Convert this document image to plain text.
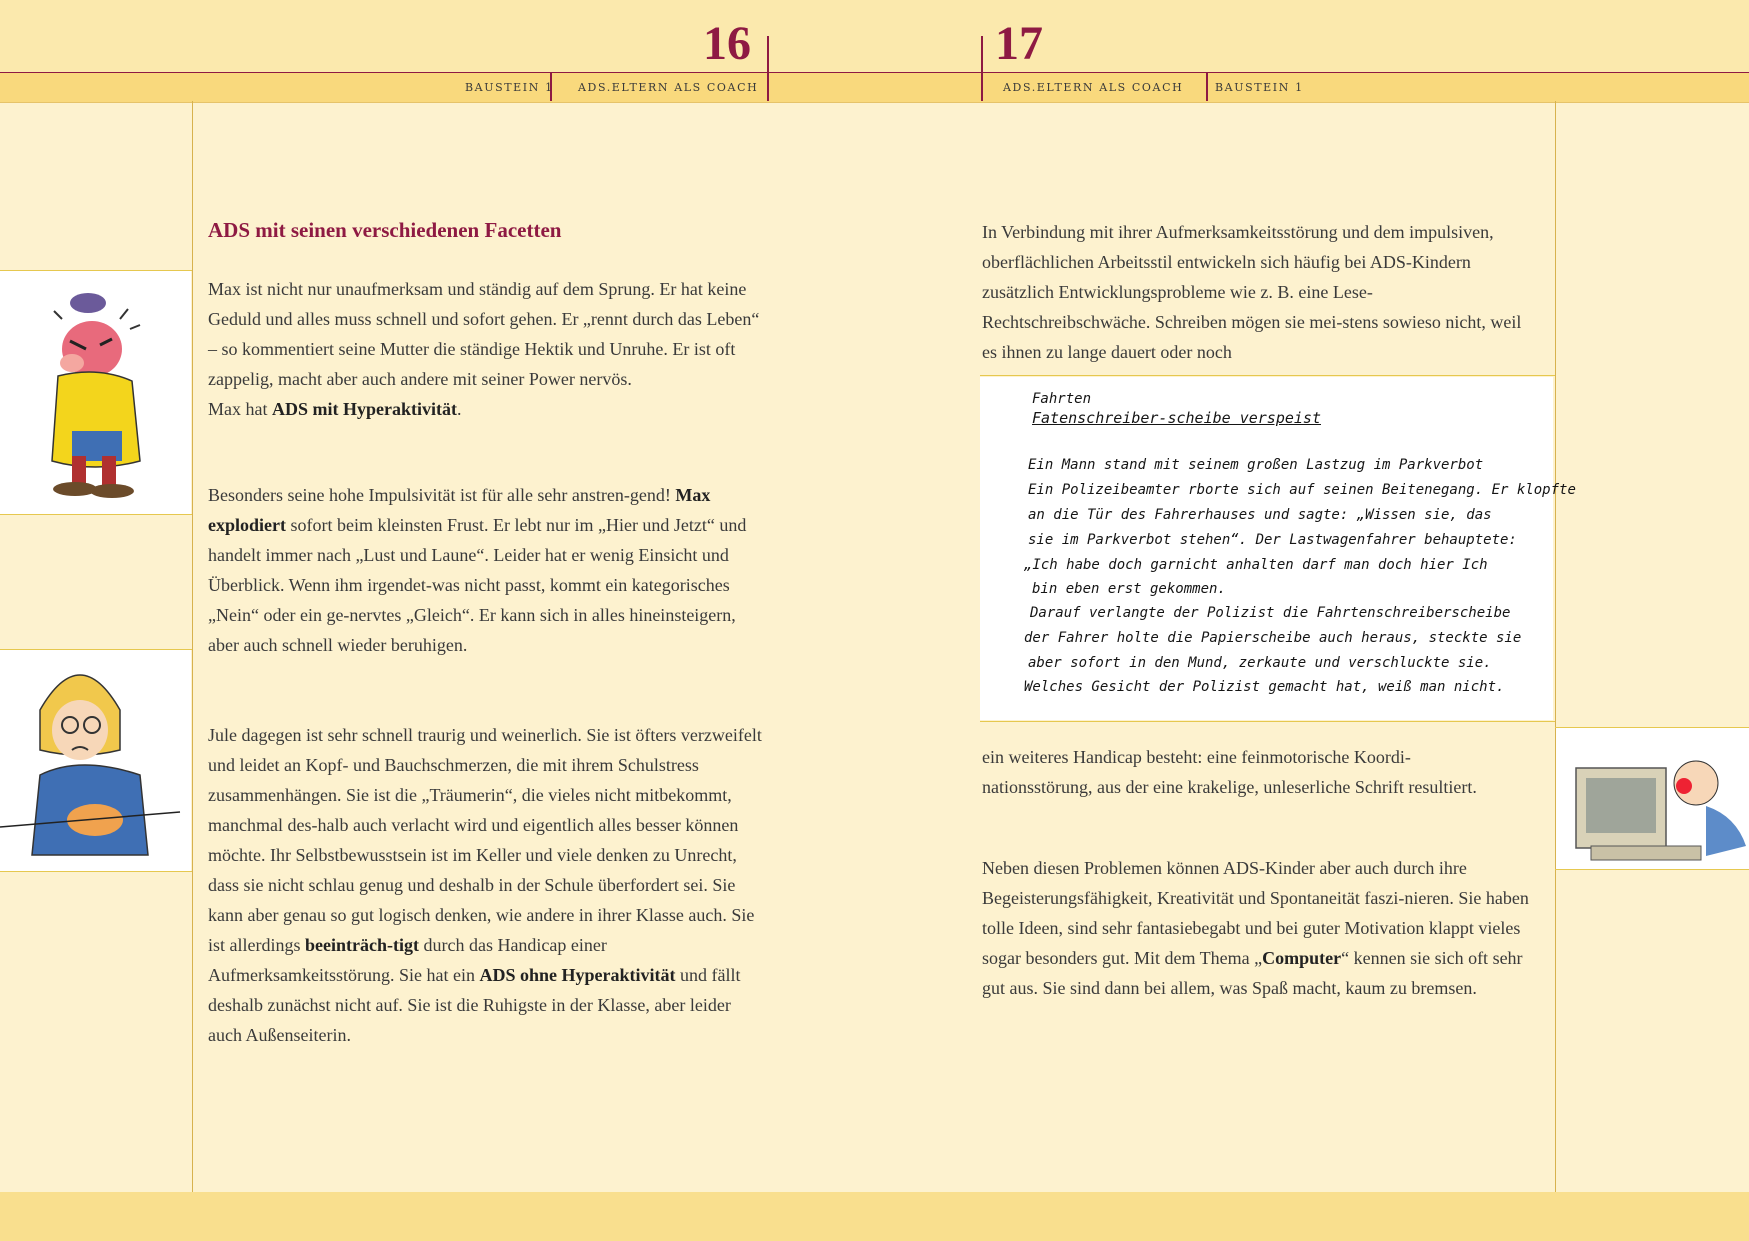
16	17
BAUSTEIN 1 ADS.ELTERN ALS COACH	ADS.ELTERN ALS COACH	BAUSTEIN 1
ADS mit seinen verschiedenen Facetten

Max ist nicht nur unaufmerksam und ständig auf dem Sprung. Er hat keine Geduld und alles muss schnell und sofort gehen. Er „rennt durch das Leben“ – so kommentiert seine Mutter die ständige Hektik und Unruhe. Er ist oft zappelig, macht aber auch andere mit seiner Power nervös.

Max hat ADS mit Hyperaktivität.

Besonders seine hohe Impulsivität ist für alle sehr anstren-gend! Max explodiert sofort beim kleinsten Frust. Er lebt nur im „Hier und Jetzt“ und handelt immer nach „Lust und Laune“. Leider hat er wenig Einsicht und Überblick. Wenn ihm irgendet-was nicht passt, kommt ein kategorisches „Nein“ oder ein ge-nervtes „Gleich“. Er kann sich in alles hineinsteigern, aber auch schnell wieder beruhigen.

Jule dagegen ist sehr schnell traurig und weinerlich. Sie ist öfters verzweifelt und leidet an Kopf- und Bauchschmerzen, die mit ihrem Schulstress zusammenhängen. Sie ist die „Träumerin“, die vieles nicht mitbekommt, manchmal des-halb auch verlacht wird und eigentlich alles besser können möchte. Ihr Selbstbewusstsein ist im Keller und viele denken zu Unrecht, dass sie nicht schlau genug und deshalb in der Schule überfordert sei. Sie kann aber genau so gut logisch denken, wie andere in ihrer Klasse auch. Sie ist allerdings beeinträch-tigt durch das Handicap einer Aufmerksamkeitsstörung. Sie hat ein ADS ohne Hyperaktivität und fällt deshalb zunächst nicht auf. Sie ist die Ruhigste in der Klasse, aber leider auch Außenseiterin.

In Verbindung mit ihrer Aufmerksamkeitsstörung und dem impulsiven, oberflächlichen Arbeitsstil entwickeln sich häufig bei ADS-Kindern zusätzlich Entwicklungsprobleme wie z. B. eine Lese-Rechtschreibschwäche. Schreiben mögen sie mei-stens sowieso nicht, weil es ihnen zu lange dauert oder noch
Fahrten
Fatenschreiber-scheibe verspeist
Ein Mann stand mit seinem großen Lastzug im Parkverbot
Ein Polizeibeamter rborte sich auf seinen Beitenegang. Er klopfte
an die Tür des Fahrerhauses und sagte: „Wissen sie, das
sie im Parkverbot stehen“. Der Lastwagenfahrer behauptete:
„Ich habe doch garnicht anhalten darf man doch hier Ich
bin eben erst gekommen.
Darauf verlangte der Polizist die Fahrtenschreiberscheibe
der Fahrer holte die Papierscheibe auch heraus, steckte sie
aber sofort in den Mund, zerkaute und verschluckte sie.
Welches Gesicht der Polizist gemacht hat, weiß man nicht.
ein weiteres Handicap besteht: eine feinmotorische Koordi-nationsstörung, aus der eine krakelige, unleserliche Schrift resultiert.

Neben diesen Problemen können ADS-Kinder aber auch durch ihre Begeisterungsfähigkeit, Kreativität und Spontaneität faszi-nieren. Sie haben tolle Ideen, sind sehr fantasiebegabt und bei guter Motivation klappt vieles sogar besonders gut. Mit dem Thema „Computer“ kennen sie sich oft sehr gut aus. Sie sind dann bei allem, was Spaß macht, kaum zu bremsen.
